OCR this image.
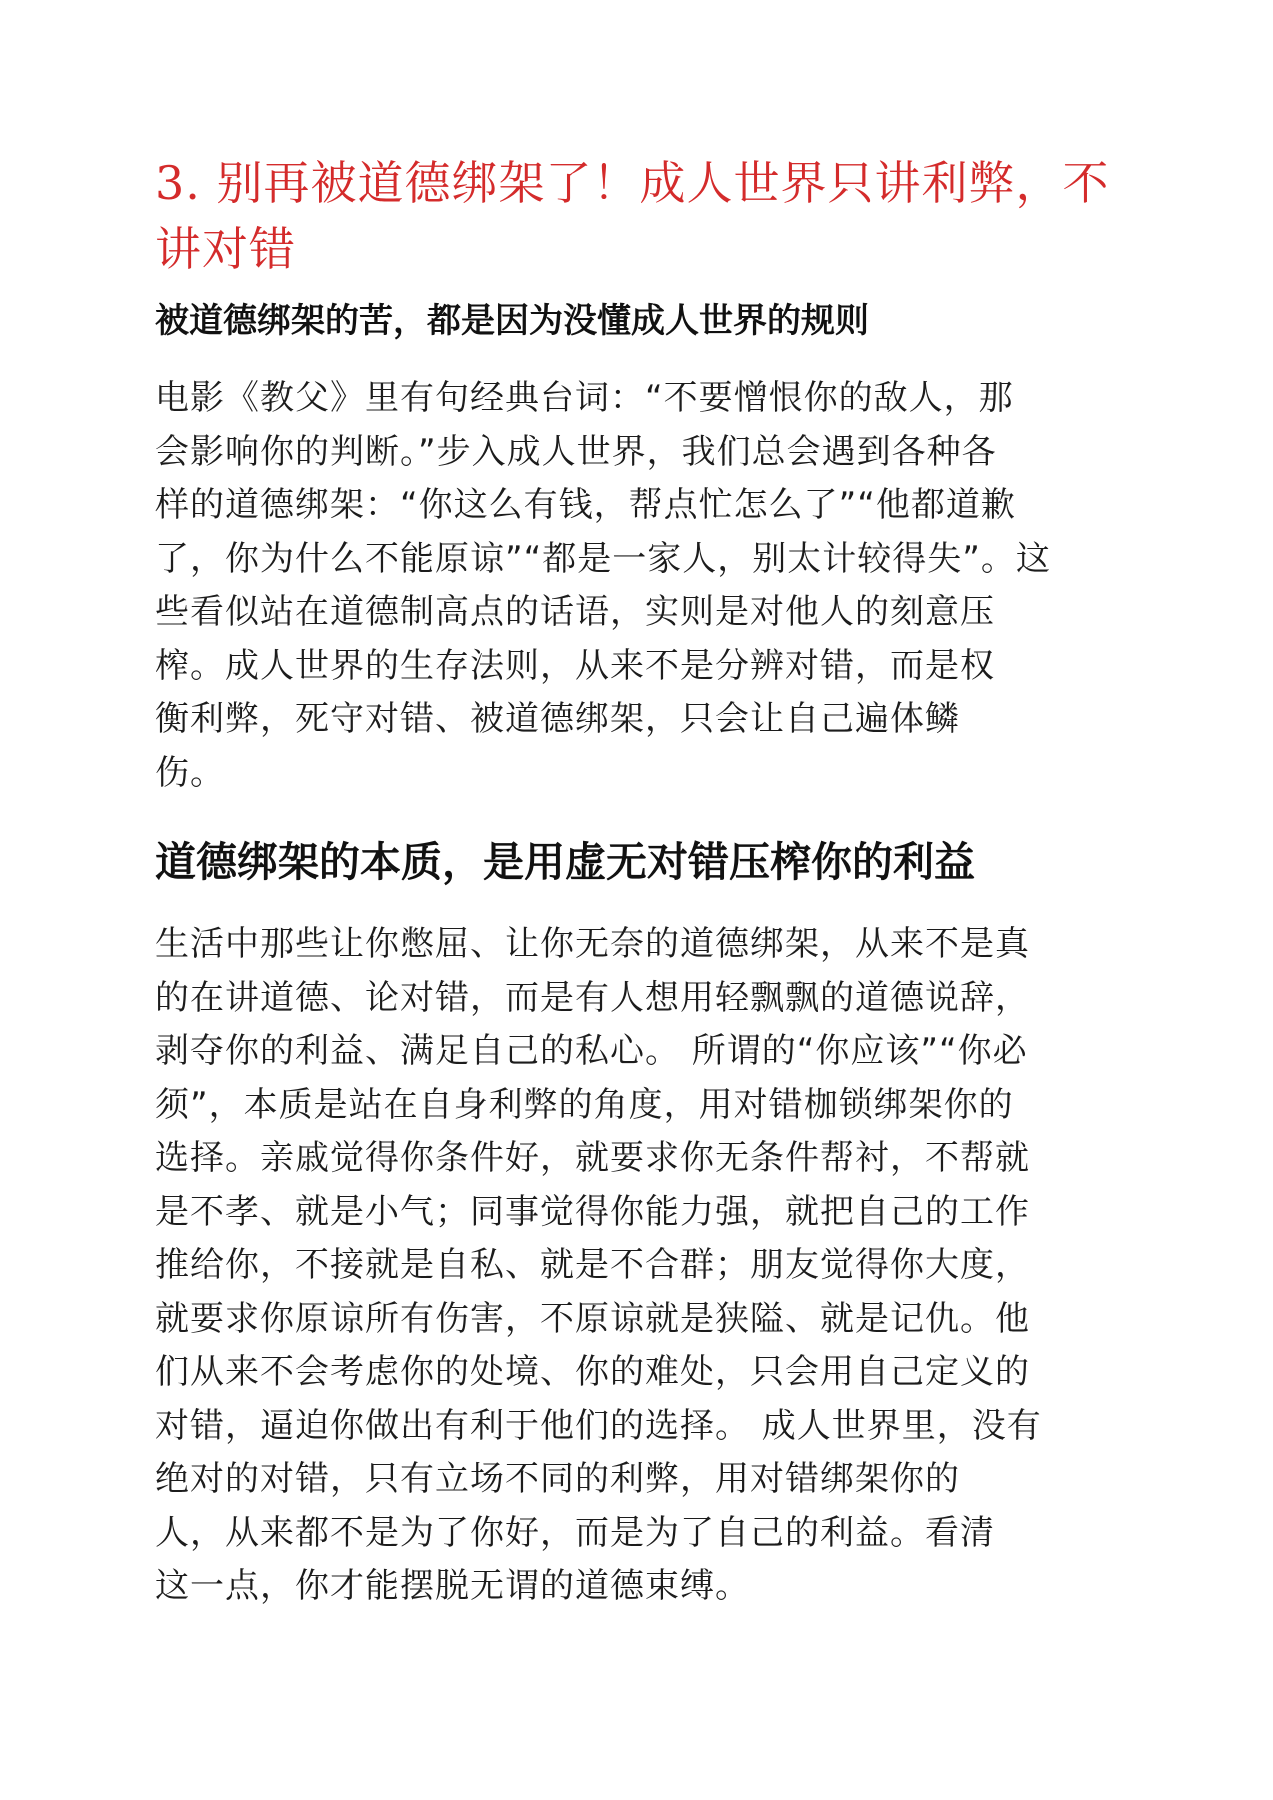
3. 别再被道德绑架了！成人世界只讲利弊，不
讲对错
被道德绑架的苦，都是因为没懂成人世界的规则

电影《教父》里有句经典台词：“不要憎恨你的敌人，那
会影响你的判断。”步入成人世界，我们总会遇到各种各
样的道德绑架：“你这么有钱，帮点忙怎么了”“他都道歉
了，你为什么不能原谅”“都是一家人，别太计较得失”。这
些看似站在道德制高点的话语，实则是对他人的刻意压
榨。成人世界的生存法则，从来不是分辨对错，而是权
衡利弊，死守对错、被道德绑架，只会让自己遍体鳞
伤。

道德绑架的本质，是用虚无对错压榨你的利益

生活中那些让你憋屈、让你无奈的道德绑架，从来不是真
的在讲道德、论对错，而是有人想用轻飘飘的道德说辞，
剥夺你的利益、满足自己的私心。 所谓的“你应该”“你必
须”，本质是站在自身利弊的角度，用对错枷锁绑架你的
选择。亲戚觉得你条件好，就要求你无条件帮衬，不帮就
是不孝、就是小气；同事觉得你能力强，就把自己的工作
推给你，不接就是自私、就是不合群；朋友觉得你大度，
就要求你原谅所有伤害，不原谅就是狭隘、就是记仇。他
们从来不会考虑你的处境、你的难处，只会用自己定义的
对错，逼迫你做出有利于他们的选择。 成人世界里，没有
绝对的对错，只有立场不同的利弊，用对错绑架你的
人，从来都不是为了你好，而是为了自己的利益。看清
这一点，你才能摆脱无谓的道德束缚。
